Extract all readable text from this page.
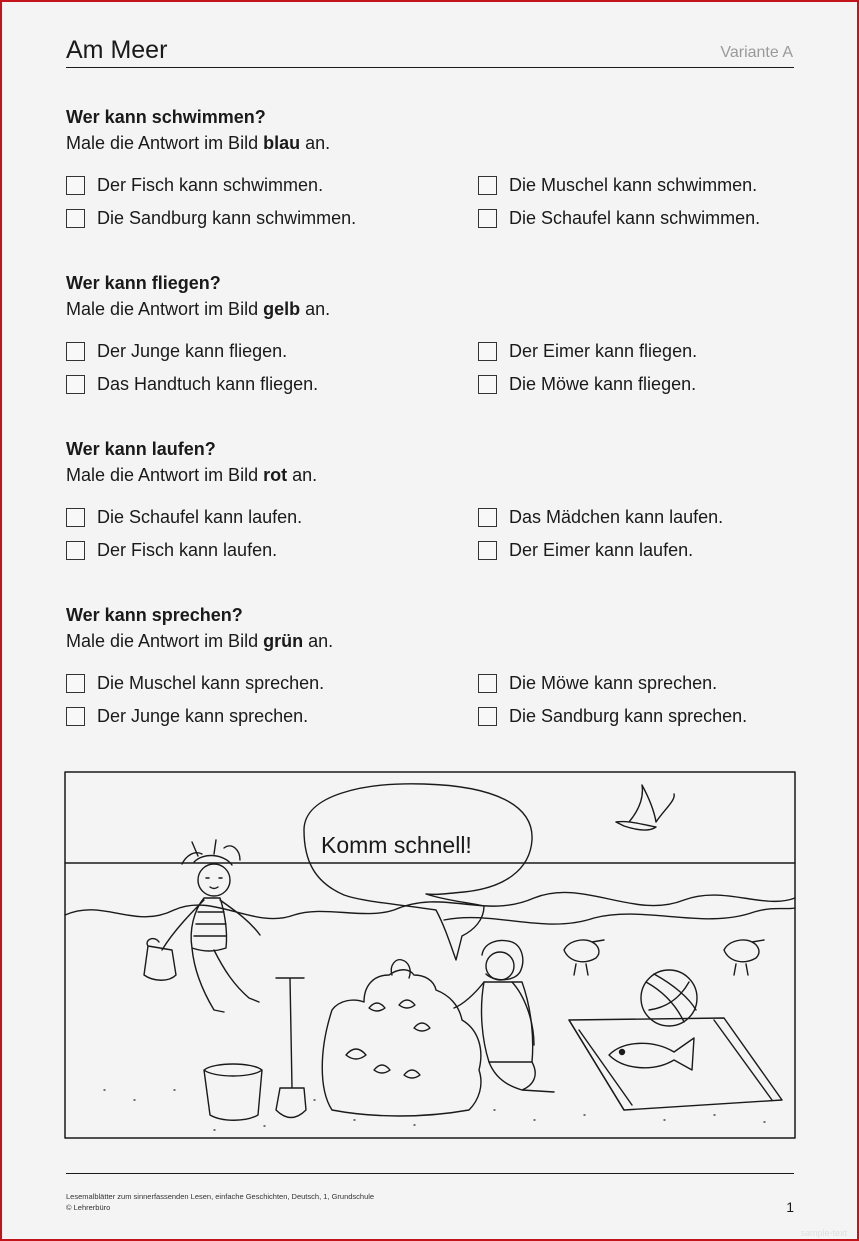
Am Meer	Variante A
Wer kann schwimmen?
Male die Antwort im Bild blau an.
Der Fisch kann schwimmen.	Die Muschel kann schwimmen.
Die Sandburg kann schwimmen.	Die Schaufel kann schwimmen.
Wer kann fliegen?
Male die Antwort im Bild gelb an.
Der Junge kann fliegen.	Der Eimer kann fliegen.
Das Handtuch kann fliegen.	Die Möwe kann fliegen.
Wer kann laufen?
Male die Antwort im Bild rot an.
Die Schaufel kann laufen.	Das Mädchen kann laufen.
Der Fisch kann laufen.	Der Eimer kann laufen.
Wer kann sprechen?
Male die Antwort im Bild grün an.
Die Muschel kann sprechen.	Die Möwe kann sprechen.
Der Junge kann sprechen.	Die Sandburg kann sprechen.
Komm schnell!
Lesemalblätter zum sinnerfassenden Lesen, einfache Geschichten, Deutsch, 1, Grundschule
© Lehrerbüro	1
sample-text
